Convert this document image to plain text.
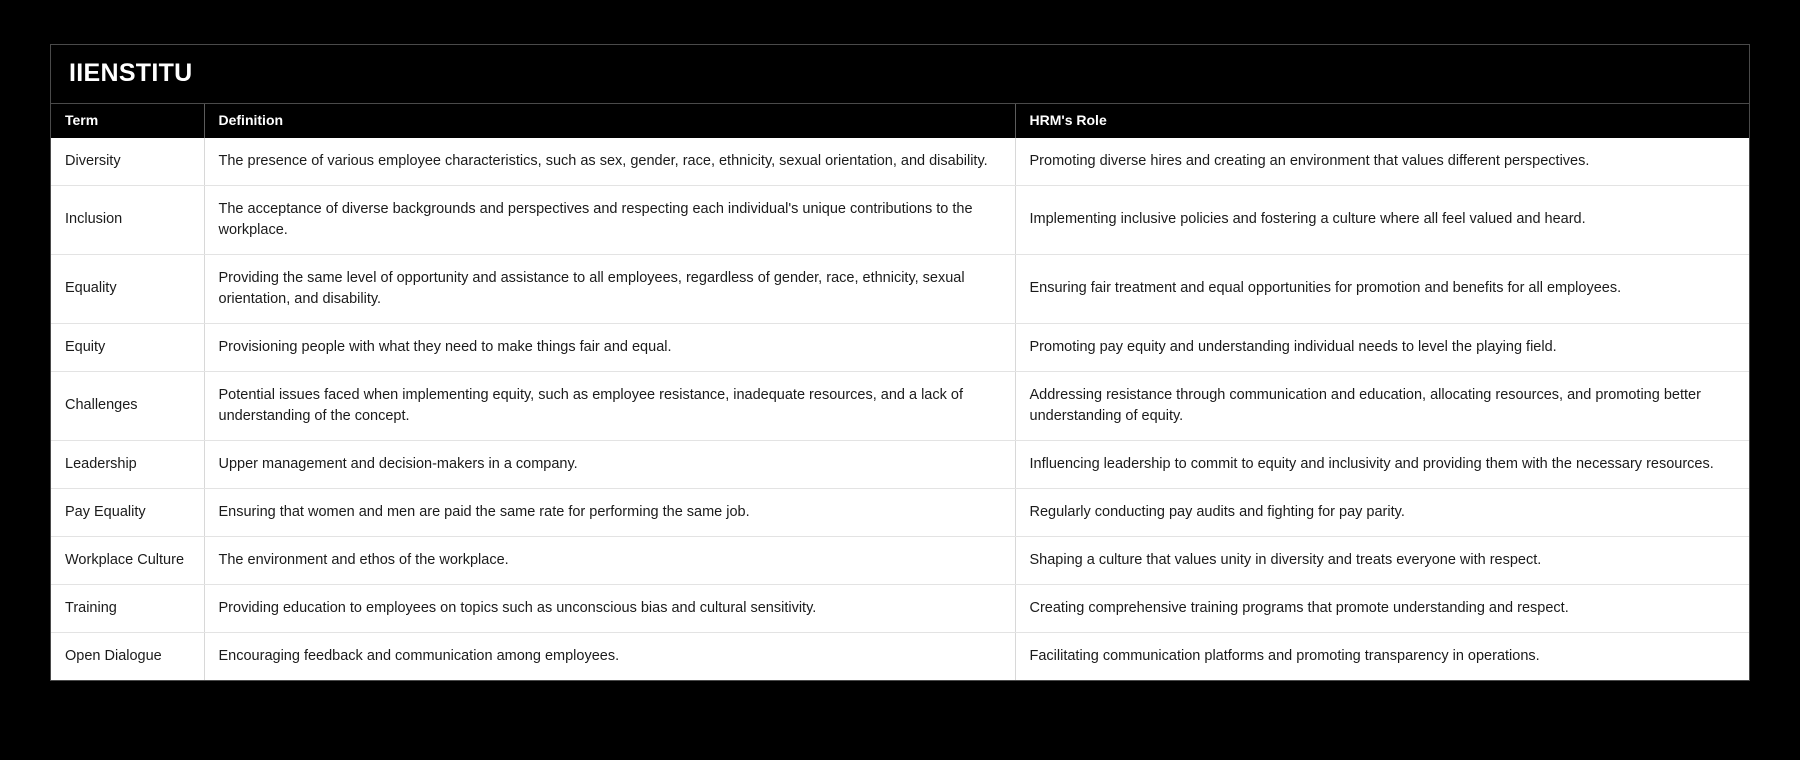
IIENSTITU
Term	Definition	HRM's Role
Diversity	The presence of various employee characteristics, such as sex, gender, race, ethnicity, sexual orientation, and disability.	Promoting diverse hires and creating an environment that values different perspectives.
Inclusion	The acceptance of diverse backgrounds and perspectives and respecting each individual's unique contributions to the workplace.	Implementing inclusive policies and fostering a culture where all feel valued and heard.
Equality	Providing the same level of opportunity and assistance to all employees, regardless of gender, race, ethnicity, sexual orientation, and disability.	Ensuring fair treatment and equal opportunities for promotion and benefits for all employees.
Equity	Provisioning people with what they need to make things fair and equal.	Promoting pay equity and understanding individual needs to level the playing field.
Challenges	Potential issues faced when implementing equity, such as employee resistance, inadequate resources, and a lack of understanding of the concept.	Addressing resistance through communication and education, allocating resources, and promoting better understanding of equity.
Leadership	Upper management and decision-makers in a company.	Influencing leadership to commit to equity and inclusivity and providing them with the necessary resources.
Pay Equality	Ensuring that women and men are paid the same rate for performing the same job.	Regularly conducting pay audits and fighting for pay parity.
Workplace Culture	The environment and ethos of the workplace.	Shaping a culture that values unity in diversity and treats everyone with respect.
Training	Providing education to employees on topics such as unconscious bias and cultural sensitivity.	Creating comprehensive training programs that promote understanding and respect.
Open Dialogue	Encouraging feedback and communication among employees.	Facilitating communication platforms and promoting transparency in operations.
